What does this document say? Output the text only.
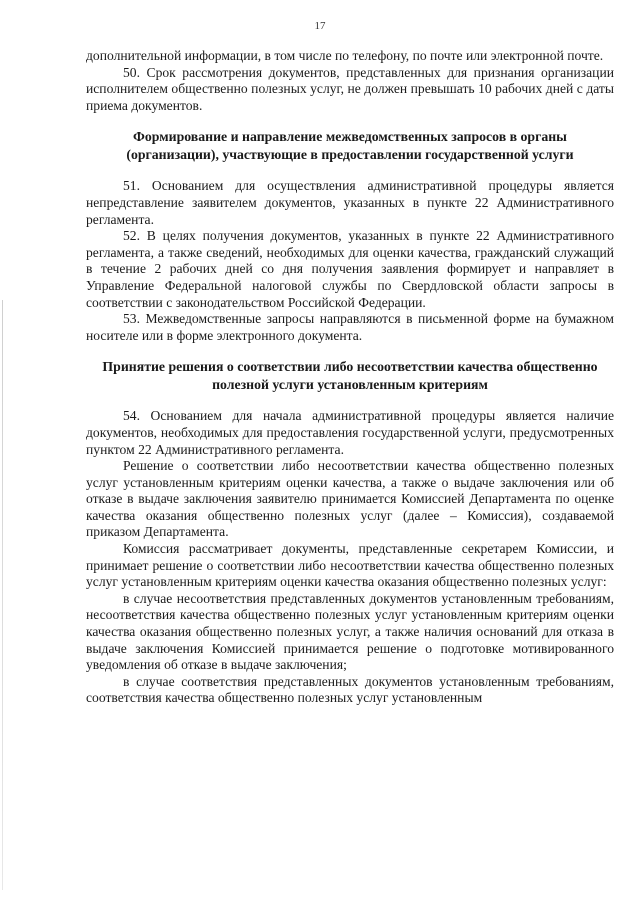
17

дополнительной информации, в том числе по телефону, по почте или электронной почте.

50. Срок рассмотрения документов, представленных для признания организации исполнителем общественно полезных услуг, не должен превышать 10 рабочих дней с даты приема документов.

Формирование и направление межведомственных запросов в органы (организации), участвующие в предоставлении государственной услуги

51. Основанием для осуществления административной процедуры является непредставление заявителем документов, указанных в пункте 22 Административного регламента.

52. В целях получения документов, указанных в пункте 22 Административного регламента, а также сведений, необходимых для оценки качества, гражданский служащий в течение 2 рабочих дней со дня получения заявления формирует и направляет в Управление Федеральной налоговой службы по Свердловской области запросы в соответствии с законодательством Российской Федерации.

53. Межведомственные запросы направляются в письменной форме на бумажном носителе или в форме электронного документа.

Принятие решения о соответствии либо несоответствии качества общественно полезной услуги установленным критериям

54. Основанием для начала административной процедуры является наличие документов, необходимых для предоставления государственной услуги, предусмотренных пунктом 22 Административного регламента.

Решение о соответствии либо несоответствии качества общественно полезных услуг установленным критериям оценки качества, а также о выдаче заключения или об отказе в выдаче заключения заявителю принимается Комиссией Департамента по оценке качества оказания общественно полезных услуг (далее – Комиссия), создаваемой приказом Департамента.

Комиссия рассматривает документы, представленные секретарем Комиссии, и принимает решение о соответствии либо несоответствии качества общественно полезных услуг установленным критериям оценки качества оказания общественно полезных услуг:

в случае несоответствия представленных документов установленным требованиям, несоответствия качества общественно полезных услуг установленным критериям оценки качества оказания общественно полезных услуг, а также наличия оснований для отказа в выдаче заключения Комиссией принимается решение о подготовке мотивированного уведомления об отказе в выдаче заключения;

в случае соответствия представленных документов установленным требованиям, соответствия качества общественно полезных услуг установленным
